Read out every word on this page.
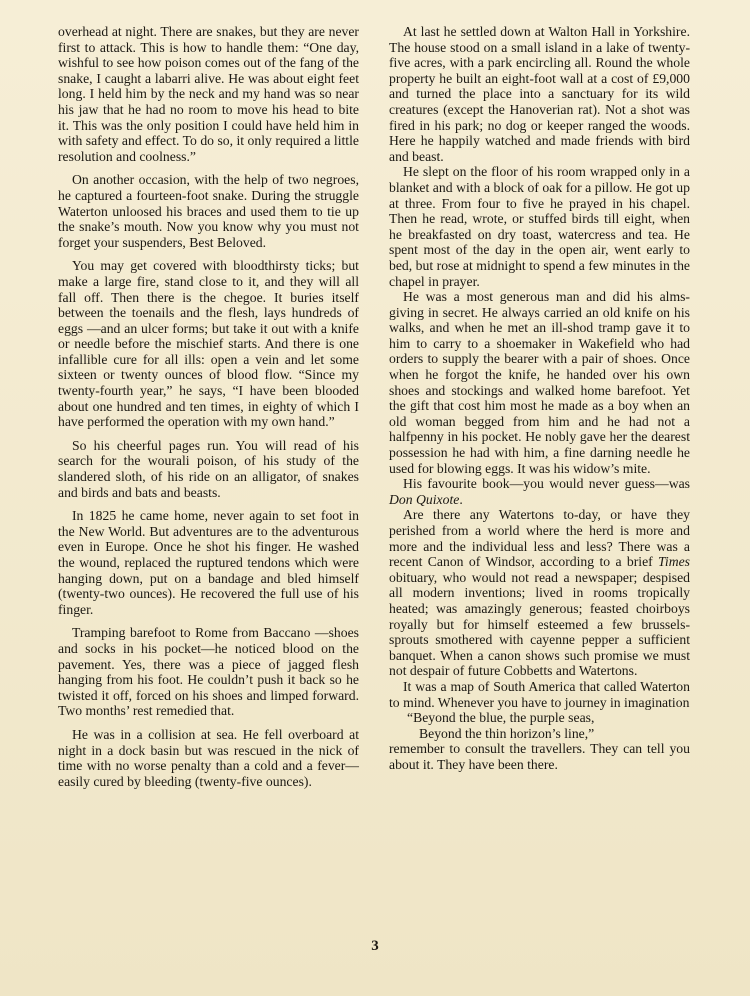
overhead at night. There are snakes, but they are never first to attack. This is how to handle them: “One day, wishful to see how poison comes out of the fang of the snake, I caught a labarri alive. He was about eight feet long. I held him by the neck and my hand was so near his jaw that he had no room to move his head to bite it. This was the only position I could have held him in with safety and effect. To do so, it only required a little resolution and coolness.”

On another occasion, with the help of two negroes, he captured a fourteen-foot snake. During the struggle Waterton unloosed his braces and used them to tie up the snake’s mouth. Now you know why you must not forget your suspenders, Best Beloved.

You may get covered with bloodthirsty ticks; but make a large fire, stand close to it, and they will all fall off. Then there is the chegoe. It buries itself between the toenails and the flesh, lays hundreds of eggs —and an ulcer forms; but take it out with a knife or needle before the mischief starts. And there is one infallible cure for all ills: open a vein and let some sixteen or twenty ounces of blood flow. “Since my twenty-fourth year,” he says, “I have been blooded about one hundred and ten times, in eighty of which I have performed the operation with my own hand.”

So his cheerful pages run. You will read of his search for the wourali poison, of his study of the slandered sloth, of his ride on an alligator, of snakes and birds and bats and beasts.

In 1825 he came home, never again to set foot in the New World. But adventures are to the adventurous even in Europe. Once he shot his finger. He washed the wound, replaced the ruptured tendons which were hanging down, put on a bandage and bled himself (twenty-two ounces). He recovered the full use of his finger.

Tramping barefoot to Rome from Baccano —shoes and socks in his pocket—he noticed blood on the pavement. Yes, there was a piece of jagged flesh hanging from his foot. He couldn’t push it back so he twisted it off, forced on his shoes and limped forward. Two months’ rest remedied that.

He was in a collision at sea. He fell overboard at night in a dock basin but was rescued in the nick of time with no worse penalty than a cold and a fever—easily cured by bleeding (twenty-five ounces).

At last he settled down at Walton Hall in Yorkshire. The house stood on a small island in a lake of twenty-five acres, with a park encircling all. Round the whole property he built an eight-foot wall at a cost of £9,000 and turned the place into a sanctuary for its wild creatures (except the Hanoverian rat). Not a shot was fired in his park; no dog or keeper ranged the woods. Here he happily watched and made friends with bird and beast.

He slept on the floor of his room wrapped only in a blanket and with a block of oak for a pillow. He got up at three. From four to five he prayed in his chapel. Then he read, wrote, or stuffed birds till eight, when he breakfasted on dry toast, watercress and tea. He spent most of the day in the open air, went early to bed, but rose at midnight to spend a few minutes in the chapel in prayer.

He was a most generous man and did his alms-giving in secret. He always carried an old knife on his walks, and when he met an ill-shod tramp gave it to him to carry to a shoemaker in Wakefield who had orders to supply the bearer with a pair of shoes. Once when he forgot the knife, he handed over his own shoes and stockings and walked home barefoot. Yet the gift that cost him most he made as a boy when an old woman begged from him and he had not a halfpenny in his pocket. He nobly gave her the dearest possession he had with him, a fine darning needle he used for blowing eggs. It was his widow’s mite.

His favourite book—you would never guess—was Don Quixote.

Are there any Watertons to-day, or have they perished from a world where the herd is more and more and the individual less and less? There was a recent Canon of Windsor, according to a brief Times obituary, who would not read a newspaper; despised all modern inventions; lived in rooms tropically heated; was amazingly generous; feasted choirboys royally but for himself esteemed a few brussels-sprouts smothered with cayenne pepper a sufficient banquet. When a canon shows such promise we must not despair of future Cobbetts and Watertons.

It was a map of South America that called Waterton to mind. Whenever you have to journey in imagination

“Beyond the blue, the purple seas,
Beyond the thin horizon’s line,”

remember to consult the travellers. They can tell you about it. They have been there.

3
